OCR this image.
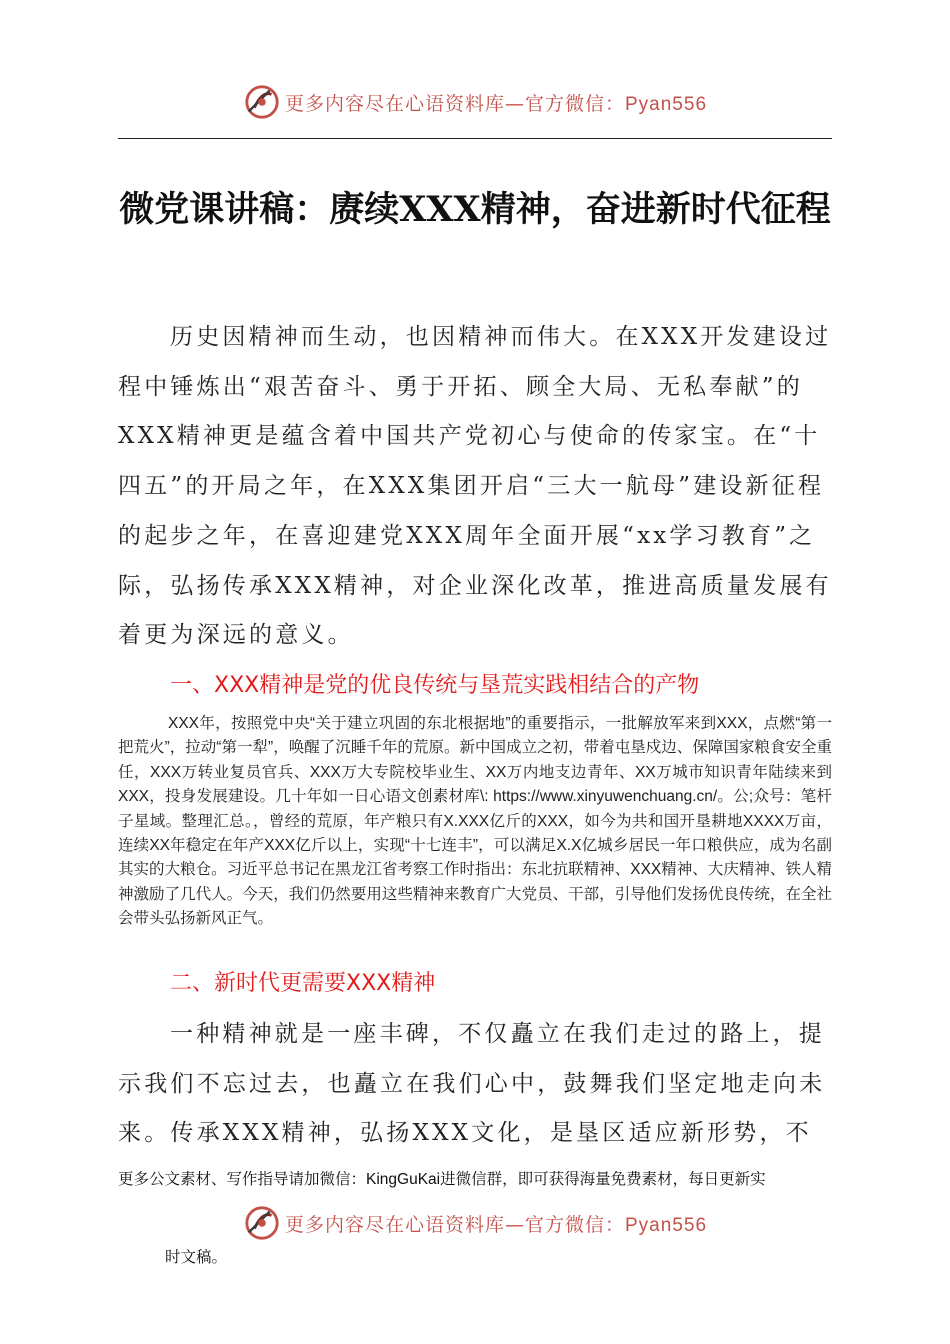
更多内容尽在心语资料库—官方微信：Pyan556
微党课讲稿：赓续XXX精神，奋进新时代征程

历史因精神而生动，也因精神而伟大。在XXX开发建设过程中锤炼出“艰苦奋斗、勇于开拓、顾全大局、无私奉献”的XXX精神更是蕴含着中国共产党初心与使命的传家宝。在“十四五”的开局之年，在XXX集团开启“三大一航母”建设新征程的起步之年，在喜迎建党XXX周年全面开展“xx学习教育”之际，弘扬传承XXX精神，对企业深化改革，推进高质量发展有着更为深远的意义。

一、XXX精神是党的优良传统与垦荒实践相结合的产物

XXX年，按照党中央“关于建立巩固的东北根据地”的重要指示，一批解放军来到XXX，点燃“第一把荒火”，拉动“第一犁”，唤醒了沉睡千年的荒原。新中国成立之初，带着屯垦戍边、保障国家粮食安全重任，XXX万转业复员官兵、XXX万大专院校毕业生、XX万内地支边青年、XX万城市知识青年陆续来到XXX，投身发展建设。几十年如一日心语文创素材库\: https://www.xinyuwenchuang.cn/。公;众号：笔杆子星域。整理汇总。，曾经的荒原，年产粮只有X.XXX亿斤的XXX，如今为共和国开垦耕地XXXX万亩，连续XX年稳定在年产XXX亿斤以上，实现“十七连丰”，可以满足X.X亿城乡居民一年口粮供应，成为名副其实的大粮仓。习近平总书记在黑龙江省考察工作时指出：东北抗联精神、XXX精神、大庆精神、铁人精神激励了几代人。今天，我们仍然要用这些精神来教育广大党员、干部，引导他们发扬优良传统，在全社会带头弘扬新风正气。

二、新时代更需要XXX精神

一种精神就是一座丰碑，不仅矗立在我们走过的路上，提示我们不忘过去，也矗立在我们心中，鼓舞我们坚定地走向未来。传承XXX精神，弘扬XXX文化，是垦区适应新形势，不

更多公文素材、写作指导请加微信：KingGuKai进微信群，即可获得海量免费素材，每日更新实
更多内容尽在心语资料库—官方微信：Pyan556
时文稿。
